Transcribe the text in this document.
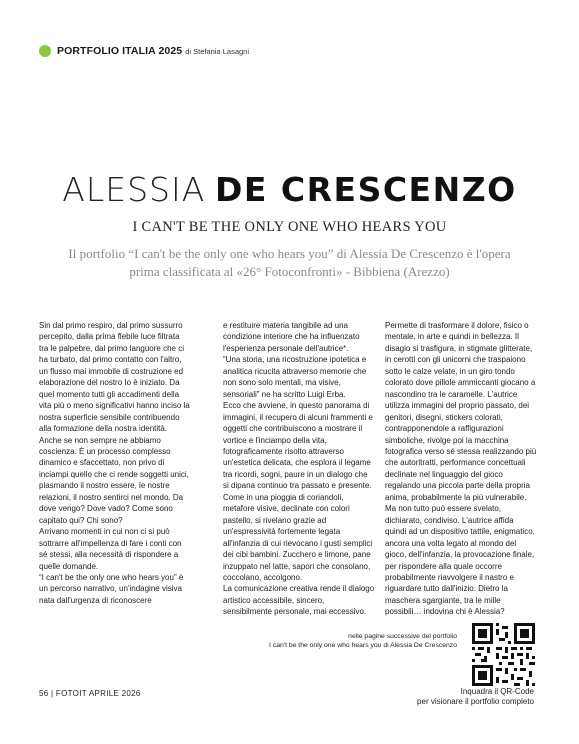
PORTFOLIO ITALIA 2025 di Stefania Lasagni
ALESSIA DE CRESCENZO
I CAN'T BE THE ONLY ONE WHO HEARS YOU
Il portfolio “I can't be the only one who hears you” di Alessia De Crescenzo è l'opera prima classificata al «26° Fotoconfronti» - Bibbiena (Arezzo)

Sin dal primo respiro, dal primo sussurro percepito, dalla prima flebile luce filtrata tra le palpebre, dal primo languore che ci ha turbato, dal primo contatto con l'altro, un flusso mai immobile di costruzione ed elaborazione del nostro Io è iniziato. Da quel momento tutti gli accadimenti della vita più o meno significativi hanno inciso la nostra superficie sensibile contribuendo alla formazione della nostra identità. Anche se non sempre ne abbiamo coscienza. È un processo complesso dinamico e sfaccettato, non privo di inciampi quello che ci rende soggetti unici, plasmando il nostro essere, le nostre relazioni, il nostro sentirci nel mondo. Da dove vengo? Dove vado? Come sono capitato qui? Chi sono?

Arrivano momenti in cui non ci si può sottrarre all'impellenza di fare i conti con sé stessi, alla necessità di rispondere a quelle domande.

“I can't be the only one who hears you” è un percorso narrativo, un'indagine visiva nata dall'urgenza di riconoscere

e restituire materia tangibile ad una condizione interiore che ha influenzato l'esperienza personale dell'autrice*.

“Una storia, una ricostruzione ipotetica e analitica ricucita attraverso memorie che non sono solo mentali, ma visive, sensoriali” ne ha scritto Luigi Erba.

Ecco che avviene, in questo panorama di immagini, il recupero di alcuni frammenti e oggetti che contribuiscono a mostrare il vortice e l'inciampo della vita, fotograficamente risolto attraverso un'estetica delicata, che esplora il legame tra ricordi, sogni, paure in un dialogo che si dipana continuo tra passato e presente.

Come in una pioggia di coriandoli, metafore visive, declinate con colori pastello, si rivelano grazie ad un'espressività fortemente legata all'infanzia di cui rievocano i gusti semplici dei cibi bambini. Zucchero e limone, pane inzuppato nel latte, sapori che consolano, coccolano, accolgono.

La comunicazione creativa rende il dialogo artistico accessibile, sincero, sensibilmente personale, mai eccessivo.

Permette di trasformare il dolore, fisico o mentale, in arte e quindi in bellezza. Il disagio si trasfigura, in stigmate glitterate, in cerotti con gli unicorni che traspaiono sotto le calze velate, in un giro tondo colorato dove pillole ammiccanti giocano a nascondino tra le caramelle. L'autrice utilizza immagini del proprio passato, dei genitori, disegni, stickers colorati, contrapponendole a raffigurazioni simboliche, rivolge poi la macchina fotografica verso sé stessa realizzando più che autoritratti, performance concettuali declinate nel linguaggio del gioco regalando una piccola parte della propria anima, probabilmente la più vulnerabile. Ma non tutto può essere svelato, dichiarato, condiviso. L'autrice affida quindi ad un dispositivo tattile, enigmatico, ancora una volta legato al mondo del gioco, dell'infanzia, la provocazione finale, per rispondere alla quale occorre probabilmente riavvolgere il nastro e riguardare tutto dall'inizio. Dietro la maschera sgargiante, tra le mille possibili… indovina chi è Alessia?

nelle pagine successive del portfolio
I can't be the only one who hears you di Alessia De Crescenzo
Inquadra il QR-Code
per visionare il portfolio completo
56 | FOTOIT APRILE 2026
